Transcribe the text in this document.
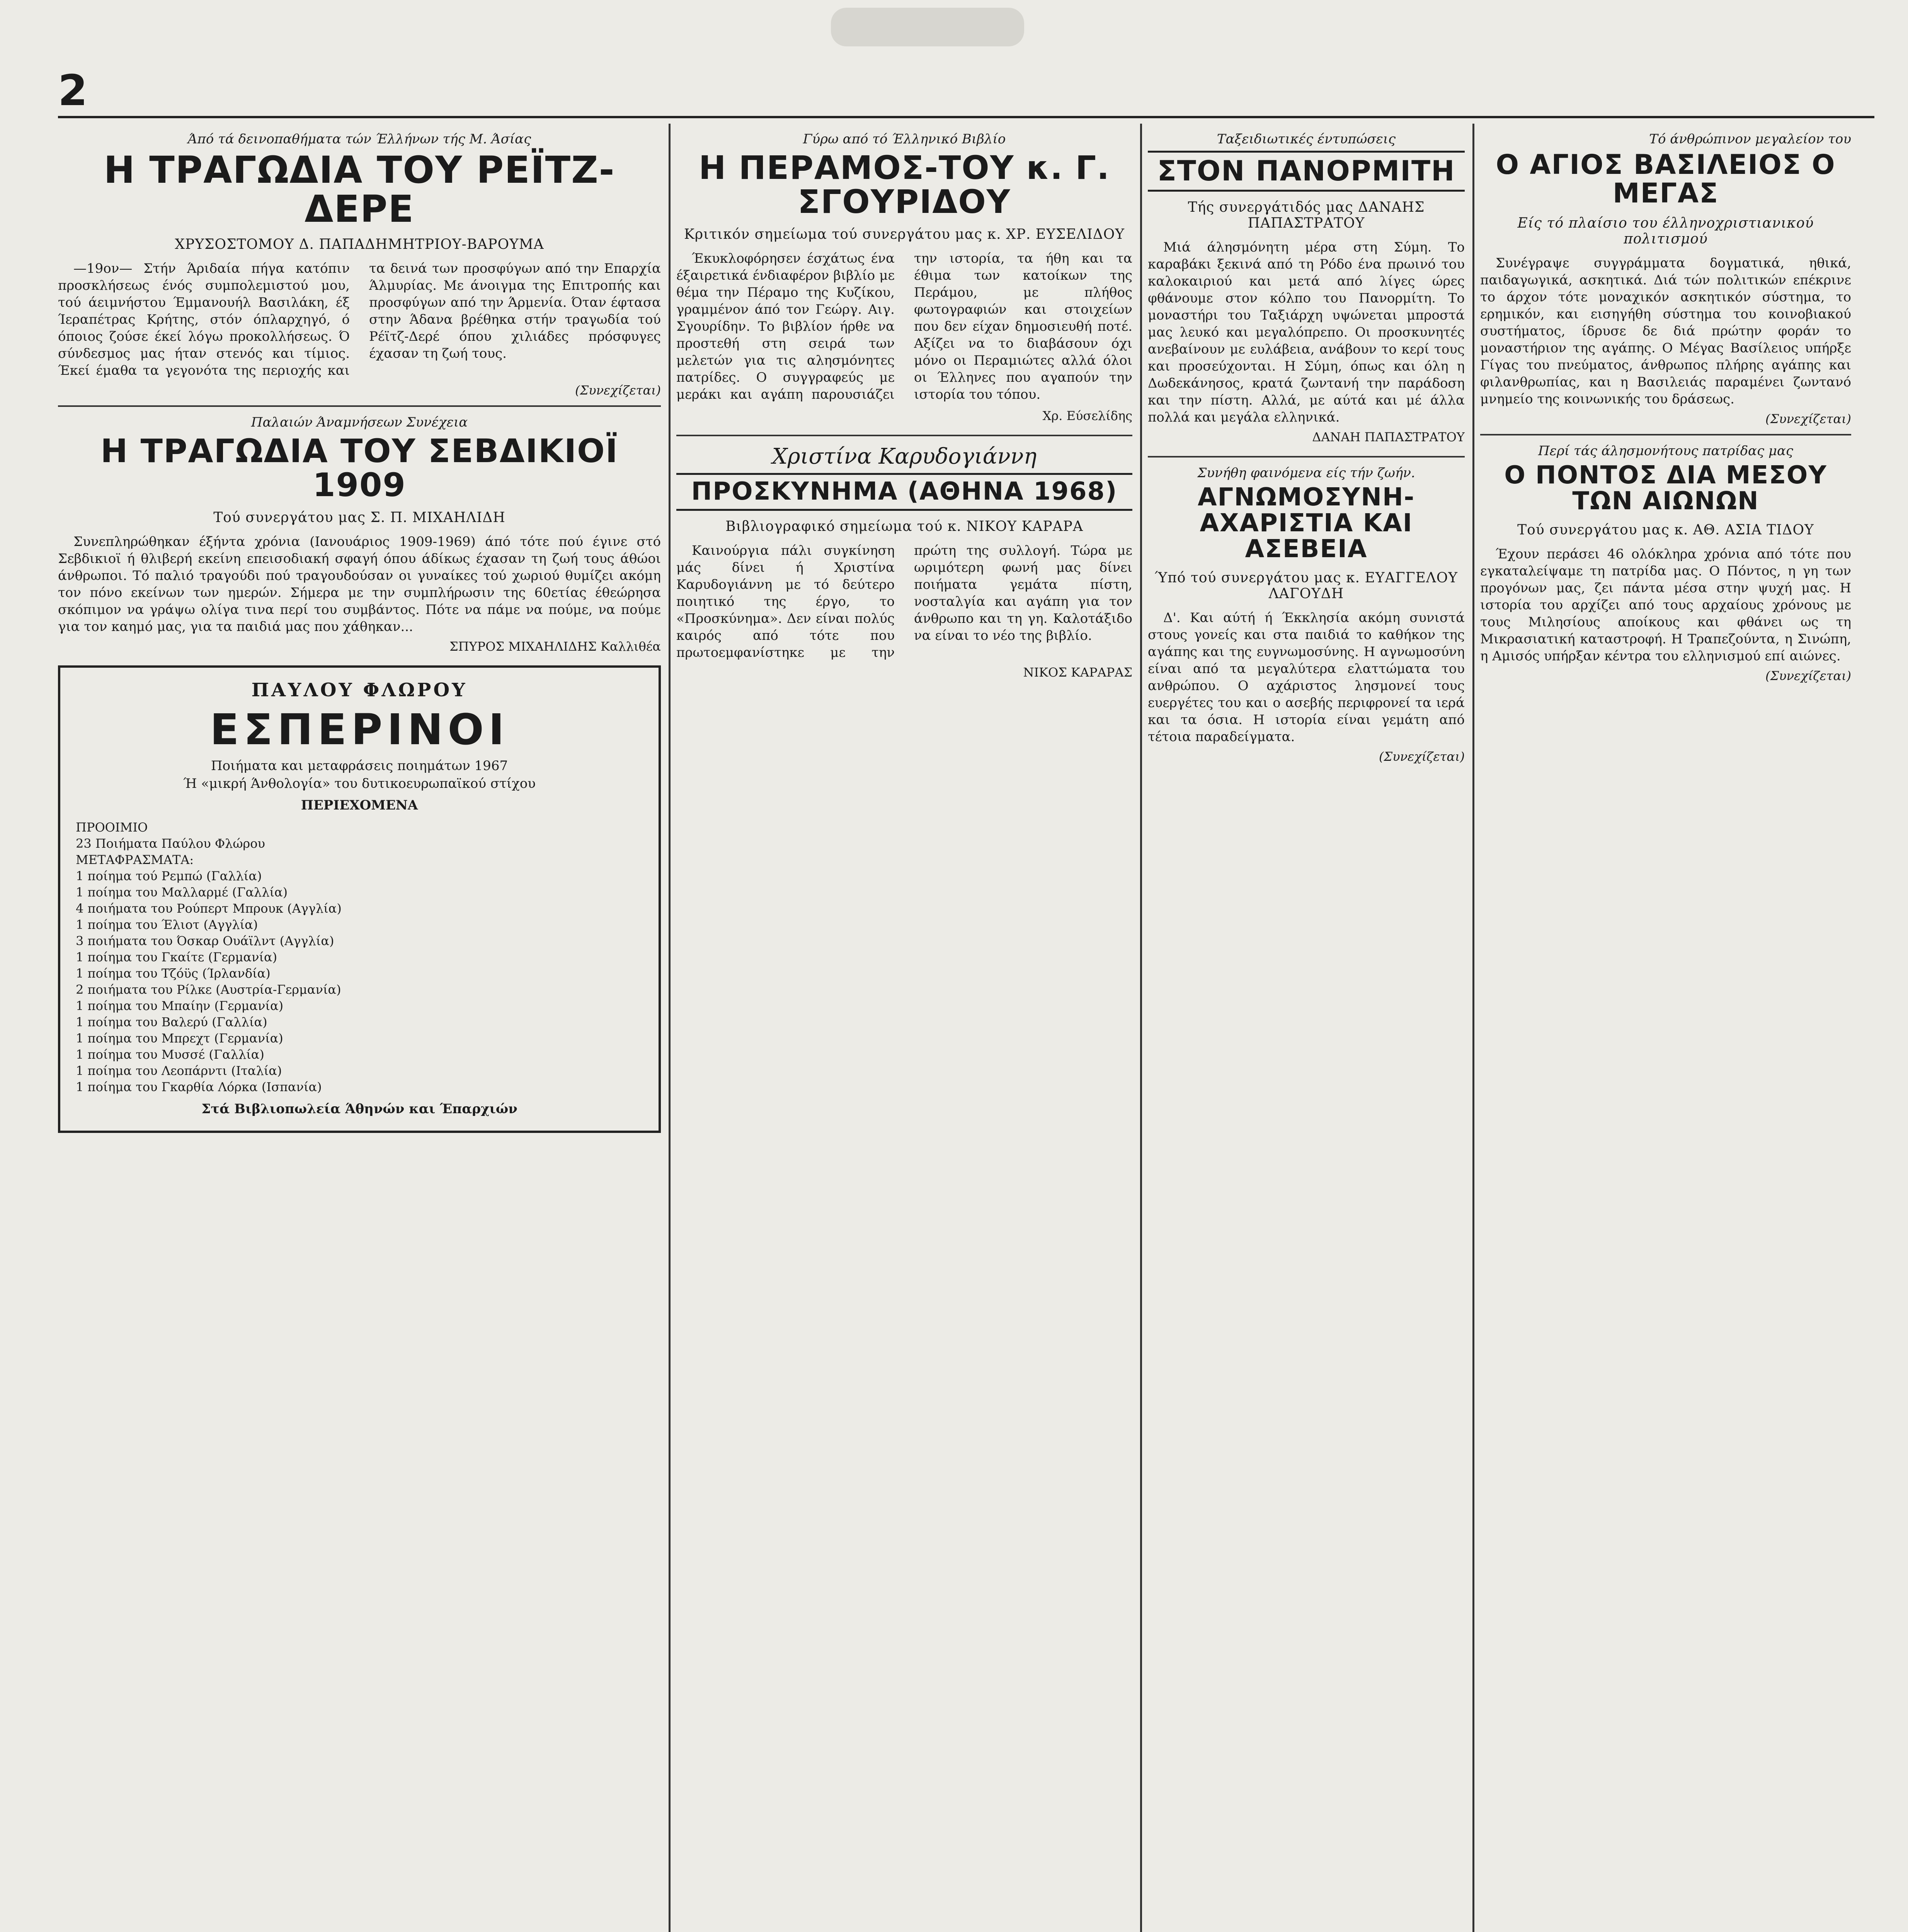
2
Άπό τά δεινοπαθήματα τών Έλλήνων τής Μ. Άσίας
Η ΤΡΑΓΩΔΙΑ ΤΟΥ ΡΕΪΤΖ-ΔΕΡΕ
ΧΡΥΣΟΣΤΟΜΟΥ Δ. ΠΑΠΑΔΗΜΗΤΡΙΟΥ-ΒΑΡΟΥΜΑ

—19ον— Στήν Άριδαία πήγα κατόπιν προσκλήσεως ένός συμπολεμιστού μου, τού άειμνήστου Έμμανουήλ Βασιλάκη, έξ Ίεραπέτρας Κρήτης, στόν όπλαρχηγό, ό όποιος ζούσε έκεί λόγω προκολλήσεως. Ό σύνδεσμος μας ήταν στενός και τίμιος. Έκεί έμαθα τα γεγονότα της περιοχής και τα δεινά των προσφύγων από την Επαρχία Άλμυρίας. Με άνοιγμα της Επιτροπής και προσφύγων από την Άρμενία. Όταν έφτασα στην Άδανα βρέθηκα στήν τραγωδία τού Ρέϊτζ-Δερέ όπου χιλιάδες πρόσφυγες έχασαν τη ζωή τους.

(Συνεχίζεται)
Παλαιών Άναμνήσεων Συνέχεια
Η ΤΡΑΓΩΔΙΑ ΤΟΥ ΣΕΒΔΙΚΙΟΪ 1909
Τού συνεργάτου μας Σ. Π. ΜΙΧΑΗΛΙΔΗ

Συνεπληρώθηκαν έξήντα χρόνια (Ιανουάριος 1909-1969) άπό τότε πού έγινε στό Σεβδικιοϊ ή θλιβερή εκείνη επεισοδιακή σφαγή όπου άδίκως έχασαν τη ζωή τους άθώοι άνθρωποι. Τό παλιό τραγούδι πού τραγουδούσαν οι γυναίκες τού χωριού θυμίζει ακόμη τον πόνο εκείνων των ημερών. Σήμερα με την συμπλήρωσιν της 60ετίας έθεώρησα σκόπιμον να γράψω ολίγα τινα περί του συμβάντος. Πότε να πάμε να πούμε, να πούμε για τον καημό μας, για τα παιδιά μας που χάθηκαν...

ΣΠΥΡΟΣ ΜΙΧΑΗΛΙΔΗΣ Καλλιθέα
ΠΑΥΛΟΥ ΦΛΩΡΟΥ
ΕΣΠΕΡΙΝΟΙ
Ποιήματα και μεταφράσεις ποιημάτων 1967
Ή «μικρή Άνθολογία» του δυτικοευρωπαϊκού στίχου
ΠΕΡΙΕΧΟΜΕΝΑ
ΠΡΟΟΙΜΙΟ
23 Ποιήματα Παύλου Φλώρου
ΜΕΤΑΦΡΑΣΜΑΤΑ:
1 ποίημα τού Ρεμπώ (Γαλλία)
1 ποίημα του Μαλλαρμέ (Γαλλία)
4 ποιήματα του Ρούπερτ Μπρουκ (Αγγλία)
1 ποίημα του Έλιοτ (Αγγλία)
3 ποιήματα του Όσκαρ Ουάϊλντ (Αγγλία)
1 ποίημα του Γκαίτε (Γερμανία)
1 ποίημα του Τζόϋς (Ίρλανδία)
2 ποιήματα του Ρίλκε (Αυστρία-Γερμανία)
1 ποίημα του Μπαίην (Γερμανία)
1 ποίημα του Βαλερύ (Γαλλία)
1 ποίημα του Μπρεχτ (Γερμανία)
1 ποίημα του Μυσσέ (Γαλλία)
1 ποίημα του Λεοπάρντι (Ιταλία)
1 ποίημα του Γκαρθία Λόρκα (Ισπανία)
Στά Βιβλιοπωλεία Άθηνών και Έπαρχιών
Γύρω από τό Έλληνικό Βιβλίο
Η ΠΕΡΑΜΟΣ-ΤΟΥ κ. Γ. ΣΓΟΥΡΙΔΟΥ
Κριτικόν σημείωμα τού συνεργάτου μας κ. ΧΡ. ΕΥΣΕΛΙΔΟΥ

Έκυκλοφόρησεν έσχάτως ένα έξαιρετικά ένδιαφέρον βιβλίο με θέμα την Πέραμο της Κυζίκου, γραμμένον άπό τον Γεώργ. Αιγ. Σγουρίδην. Το βιβλίον ήρθε να προστεθή στη σειρά των μελετών για τις αλησμόνητες πατρίδες. Ο συγγραφεύς με μεράκι και αγάπη παρουσιάζει την ιστορία, τα ήθη και τα έθιμα των κατοίκων της Περάμου, με πλήθος φωτογραφιών και στοιχείων που δεν είχαν δημοσιευθή ποτέ. Αξίζει να το διαβάσουν όχι μόνο οι Περαμιώτες αλλά όλοι οι Έλληνες που αγαπούν την ιστορία του τόπου.

Χρ. Εύσελίδης
Χριστίνα Καρυδογιάννη
ΠΡΟΣΚΥΝΗΜΑ (ΑΘΗΝΑ 1968)
Βιβλιογραφικό σημείωμα τού κ. ΝΙΚΟΥ ΚΑΡΑΡΑ

Καινούργια πάλι συγκίνηση μάς δίνει ή Χριστίνα Καρυδογιάννη με τό δεύτερο ποιητικό της έργο, το «Προσκύνημα». Δεν είναι πολύς καιρός από τότε που πρωτοεμφανίστηκε με την πρώτη της συλλογή. Τώρα με ωριμότερη φωνή μας δίνει ποιήματα γεμάτα πίστη, νοσταλγία και αγάπη για τον άνθρωπο και τη γη. Καλοτάξιδο να είναι το νέο της βιβλίο.

ΝΙΚΟΣ ΚΑΡΑΡΑΣ
Ταξειδιωτικές έντυπώσεις
ΣΤΟΝ ΠΑΝΟΡΜΙΤΗ
Τής συνεργάτιδός μας ΔΑΝΑΗΣ ΠΑΠΑΣΤΡΑΤΟΥ

Μιά άλησμόνητη μέρα στη Σύμη. Το καραβάκι ξεκινά από τη Ρόδο ένα πρωινό του καλοκαιριού και μετά από λίγες ώρες φθάνουμε στον κόλπο του Πανορμίτη. Το μοναστήρι του Ταξιάρχη υψώνεται μπροστά μας λευκό και μεγαλόπρεπο. Οι προσκυνητές ανεβαίνουν με ευλάβεια, ανάβουν το κερί τους και προσεύχονται. Η Σύμη, όπως και όλη η Δωδεκάνησος, κρατά ζωντανή την παράδοση και την πίστη. Αλλά, με αύτά και μέ άλλα πολλά και μεγάλα ελληνικά.

ΔΑΝΑΗ ΠΑΠΑΣΤΡΑΤΟΥ
Συνήθη φαινόμενα είς τήν ζωήν.
ΑΓΝΩΜΟΣΥΝΗ-ΑΧΑΡΙΣΤΙΑ ΚΑΙ ΑΣΕΒΕΙΑ
Ύπό τού συνεργάτου μας κ. ΕΥΑΓΓΕΛΟΥ ΛΑΓΟΥΔΗ

Δ'. Και αύτή ή Έκκλησία ακόμη συνιστά στους γονείς και στα παιδιά το καθήκον της αγάπης και της ευγνωμοσύνης. Η αγνωμοσύνη είναι από τα μεγαλύτερα ελαττώματα του ανθρώπου. Ο αχάριστος λησμονεί τους ευεργέτες του και ο ασεβής περιφρονεί τα ιερά και τα όσια. Η ιστορία είναι γεμάτη από τέτοια παραδείγματα.

(Συνεχίζεται)
Τό άνθρώπινον μεγαλείον του
Ο ΑΓΙΟΣ ΒΑΣΙΛΕΙΟΣ Ο ΜΕΓΑΣ
Είς τό πλαίσιο του έλληνοχριστιανικού πολιτισμού

Συνέγραψε συγγράμματα δογματικά, ηθικά, παιδαγωγικά, ασκητικά. Διά τών πολιτικών επέκρινε το άρχον τότε μοναχικόν ασκητικόν σύστημα, το ερημικόν, και εισηγήθη σύστημα του κοινοβιακού συστήματος, ίδρυσε δε διά πρώτην φοράν το μοναστήριον της αγάπης. Ο Μέγας Βασίλειος υπήρξε Γίγας του πνεύματος, άνθρωπος πλήρης αγάπης και φιλανθρωπίας, και η Βασιλειάς παραμένει ζωντανό μνημείο της κοινωνικής του δράσεως.

(Συνεχίζεται)
Περί τάς άλησμονήτους πατρίδας μας
Ο ΠΟΝΤΟΣ ΔΙΑ ΜΕΣΟΥ ΤΩΝ ΑΙΩΝΩΝ
Τού συνεργάτου μας κ. ΑΘ. ΑΣΙΑ ΤΙΔΟΥ

Έχουν περάσει 46 ολόκληρα χρόνια από τότε που εγκαταλείψαμε τη πατρίδα μας. Ο Πόντος, η γη των προγόνων μας, ζει πάντα μέσα στην ψυχή μας. Η ιστορία του αρχίζει από τους αρχαίους χρόνους με τους Μιλησίους αποίκους και φθάνει ως τη Μικρασιατική καταστροφή. Η Τραπεζούντα, η Σινώπη, η Αμισός υπήρξαν κέντρα του ελληνισμού επί αιώνες.

(Συνεχίζεται)
